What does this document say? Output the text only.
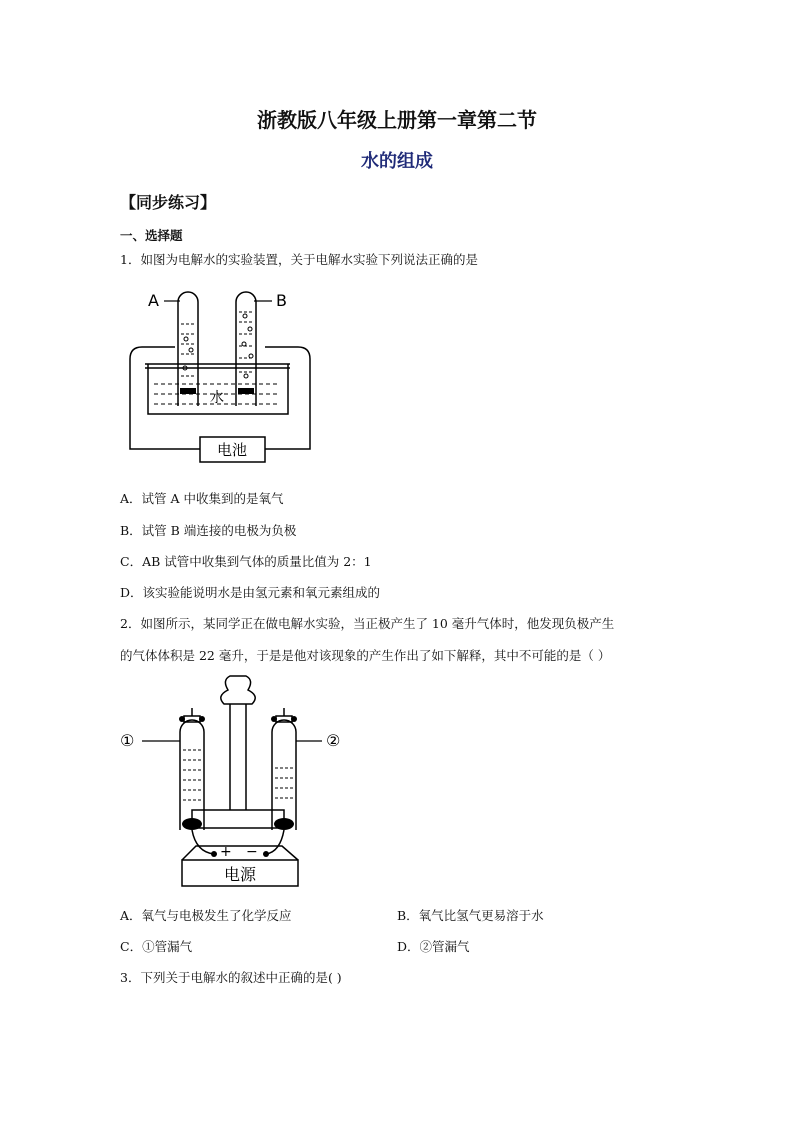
浙教版八年级上册第一章第二节
水的组成
【同步练习】
一、选择题
1．如图为电解水的实验装置，关于电解水实验下列说法正确的是
A	B
水
电池
A．试管 A 中收集到的是氧气
B．试管 B 端连接的电极为负极
C．AB 试管中收集到气体的质量比值为 2：1
D．该实验能说明水是由氢元素和氧元素组成的
2．如图所示，某同学正在做电解水实验，当正极产生了 10 毫升气体时，他发现负极产生
的气体体积是 22 毫升，于是是他对该现象的产生作出了如下解释，其中不可能的是（ ）
①	②
+ −
电源
A．氧气与电极发生了化学反应	B．氧气比氢气更易溶于水
C．①管漏气	D．②管漏气
3．下列关于电解水的叙述中正确的是( )
